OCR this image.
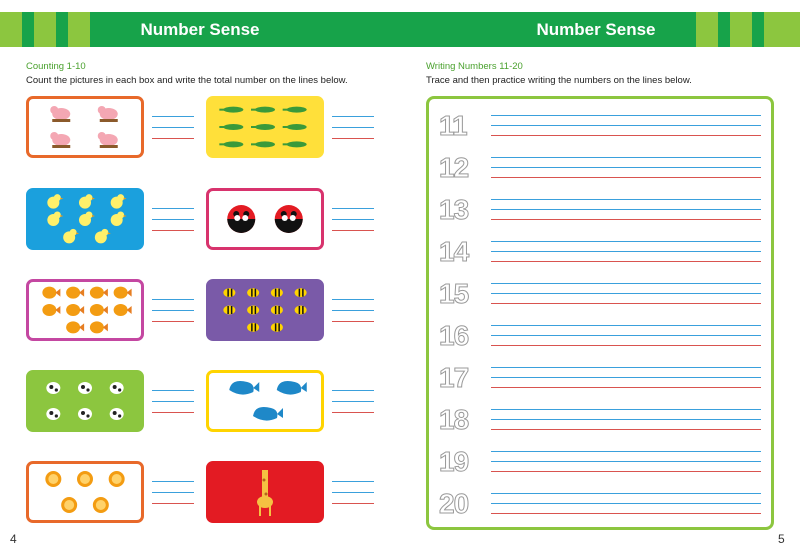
Number Sense	Number Sense
Counting 1-10
Count the pictures in each box and write the total number on the lines below.
Writing Numbers 11-20
Trace and then practice writing the numbers on the lines below.
11
12
13
14
15
16
17
18
19
20
4	5
